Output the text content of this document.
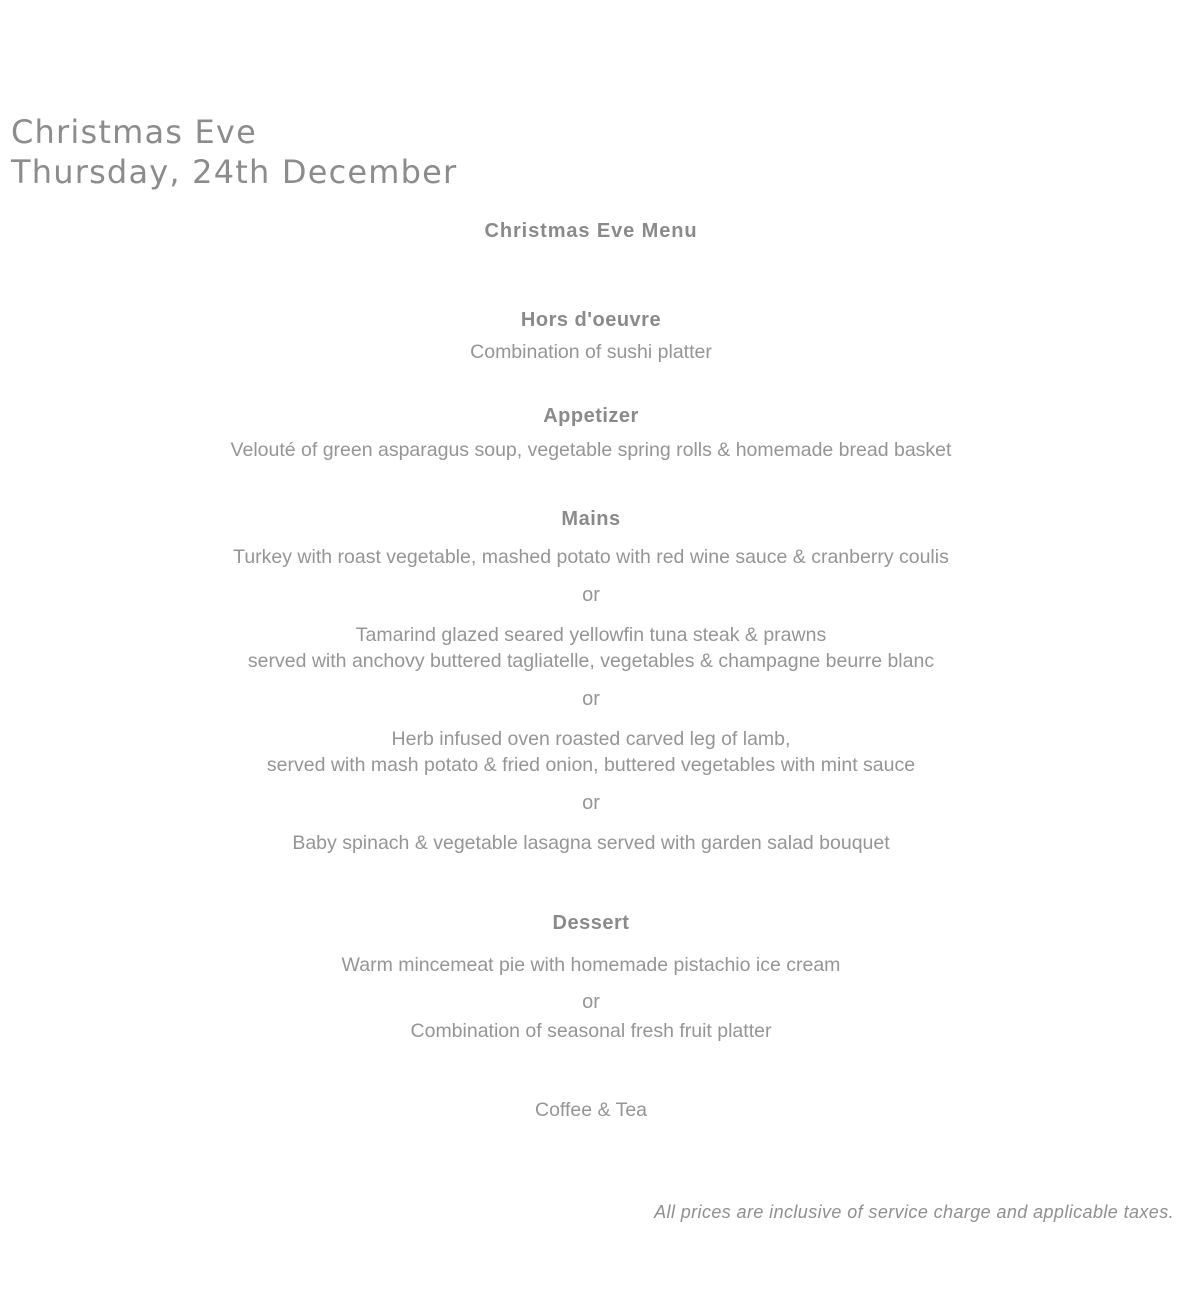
Christmas Eve
Thursday, 24th December
Christmas Eve Menu
Hors d'oeuvre

Combination of sushi platter

Appetizer

Velouté of green asparagus soup, vegetable spring rolls & homemade bread basket

Mains

Turkey with roast vegetable, mashed potato with red wine sauce & cranberry coulis

or

Tamarind glazed seared yellowfin tuna steak & prawns
served with anchovy buttered tagliatelle, vegetables & champagne beurre blanc

or

Herb infused oven roasted carved leg of lamb,
served with mash potato & fried onion, buttered vegetables with mint sauce

or

Baby spinach & vegetable lasagna served with garden salad bouquet

Dessert

Warm mincemeat pie with homemade pistachio ice cream

or

Combination of seasonal fresh fruit platter

Coffee & Tea

All prices are inclusive of service charge and applicable taxes.
